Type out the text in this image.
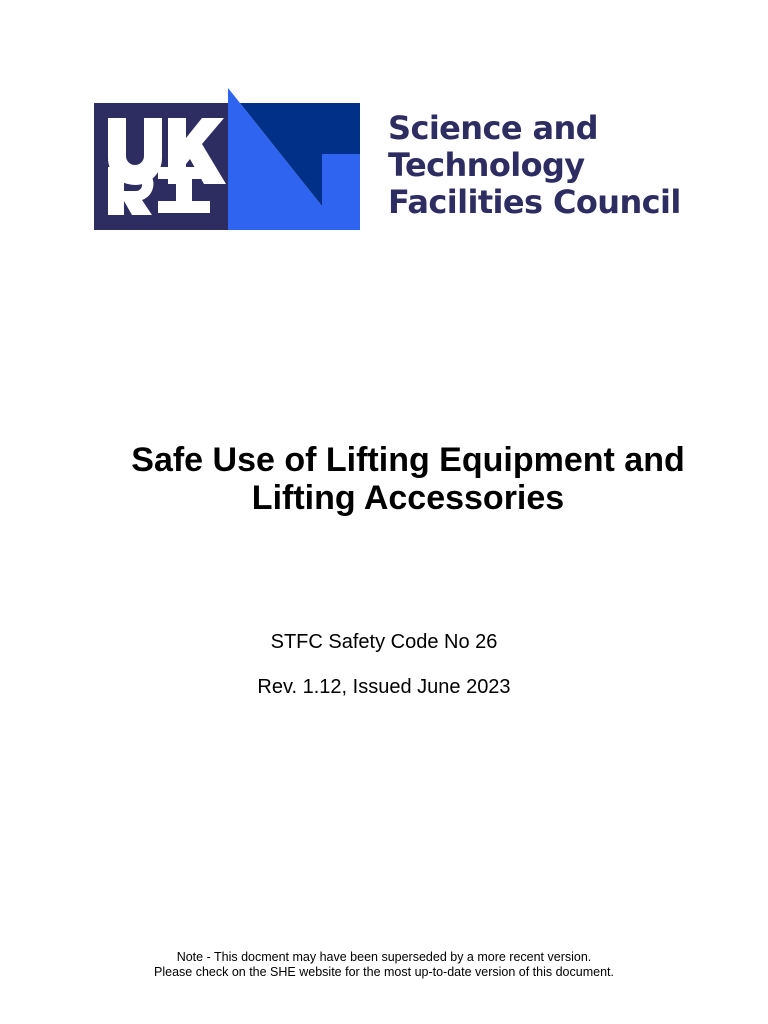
Science and
Technology
Facilities Council
Safe Use of Lifting Equipment and
Lifting Accessories

STFC Safety Code No 26

Rev. 1.12, Issued June 2023

Note - This docment may have been superseded by a more recent version.
Please check on the SHE website for the most up-to-date version of this document.
